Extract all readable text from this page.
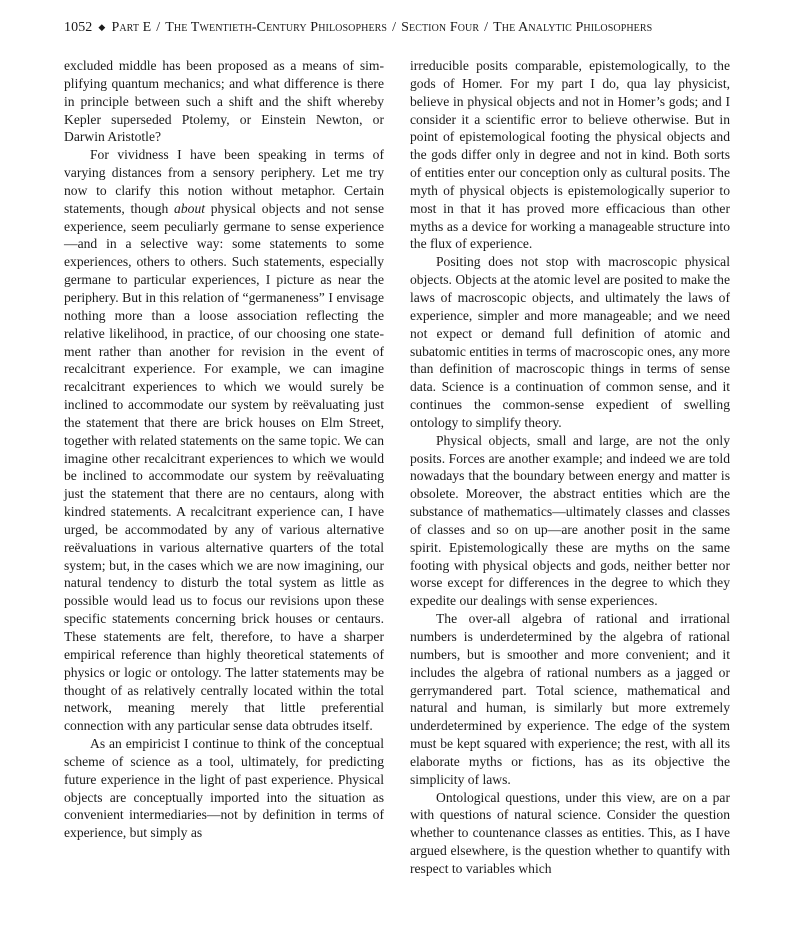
1052 ◆ Part E / The Twentieth-Century Philosophers / Section Four / The Analytic Philosophers

excluded middle has been proposed as a means of simplifying quantum mechanics; and what difference is there in principle between such a shift and the shift whereby Kepler superseded Ptolemy, or Einstein Newton, or Darwin Aristotle?

For vividness I have been speaking in terms of varying distances from a sensory periphery. Let me try now to clarify this notion without metaphor. Certain statements, though about physical objects and not sense experience, seem peculiarly germane to sense experience—and in a selective way: some statements to some experiences, others to others. Such statements, especially germane to particular experiences, I picture as near the periphery. But in this relation of “germaneness” I envisage nothing more than a loose association reflecting the relative likelihood, in practice, of our choosing one statement rather than another for revision in the event of recalcitrant experience. For example, we can imagine recalcitrant experiences to which we would surely be inclined to accommodate our system by reëvaluating just the statement that there are brick houses on Elm Street, together with related statements on the same topic. We can imagine other recalcitrant experiences to which we would be inclined to accommodate our system by reëvaluating just the statement that there are no centaurs, along with kindred statements. A recalcitrant experience can, I have urged, be accommodated by any of various alternative reëvaluations in various alternative quarters of the total system; but, in the cases which we are now imagining, our natural tendency to disturb the total system as little as possible would lead us to focus our revisions upon these specific statements concerning brick houses or centaurs. These statements are felt, therefore, to have a sharper empirical reference than highly theoretical statements of physics or logic or ontology. The latter statements may be thought of as relatively centrally located within the total network, meaning merely that little preferential connection with any particular sense data obtrudes itself.

As an empiricist I continue to think of the conceptual scheme of science as a tool, ultimately, for predicting future experience in the light of past experience. Physical objects are conceptually imported into the situation as convenient intermediaries—not by definition in terms of experience, but simply as

irreducible posits comparable, epistemologically, to the gods of Homer. For my part I do, qua lay physicist, believe in physical objects and not in Homer’s gods; and I consider it a scientific error to believe otherwise. But in point of epistemological footing the physical objects and the gods differ only in degree and not in kind. Both sorts of entities enter our conception only as cultural posits. The myth of physical objects is epistemologically superior to most in that it has proved more efficacious than other myths as a device for working a manageable structure into the flux of experience.

Positing does not stop with macroscopic physical objects. Objects at the atomic level are posited to make the laws of macroscopic objects, and ultimately the laws of experience, simpler and more manageable; and we need not expect or demand full definition of atomic and subatomic entities in terms of macroscopic ones, any more than definition of macroscopic things in terms of sense data. Science is a continuation of common sense, and it continues the common-sense expedient of swelling ontology to simplify theory.

Physical objects, small and large, are not the only posits. Forces are another example; and indeed we are told nowadays that the boundary between energy and matter is obsolete. Moreover, the abstract entities which are the substance of mathematics—ultimately classes and classes of classes and so on up—are another posit in the same spirit. Epistemologically these are myths on the same footing with physical objects and gods, neither better nor worse except for differences in the degree to which they expedite our dealings with sense experiences.

The over-all algebra of rational and irrational numbers is underdetermined by the algebra of rational numbers, but is smoother and more convenient; and it includes the algebra of rational numbers as a jagged or gerrymandered part. Total science, mathematical and natural and human, is similarly but more extremely underdetermined by experience. The edge of the system must be kept squared with experience; the rest, with all its elaborate myths or fictions, has as its objective the simplicity of laws.

Ontological questions, under this view, are on a par with questions of natural science. Consider the question whether to countenance classes as entities. This, as I have argued elsewhere, is the question whether to quantify with respect to variables which
